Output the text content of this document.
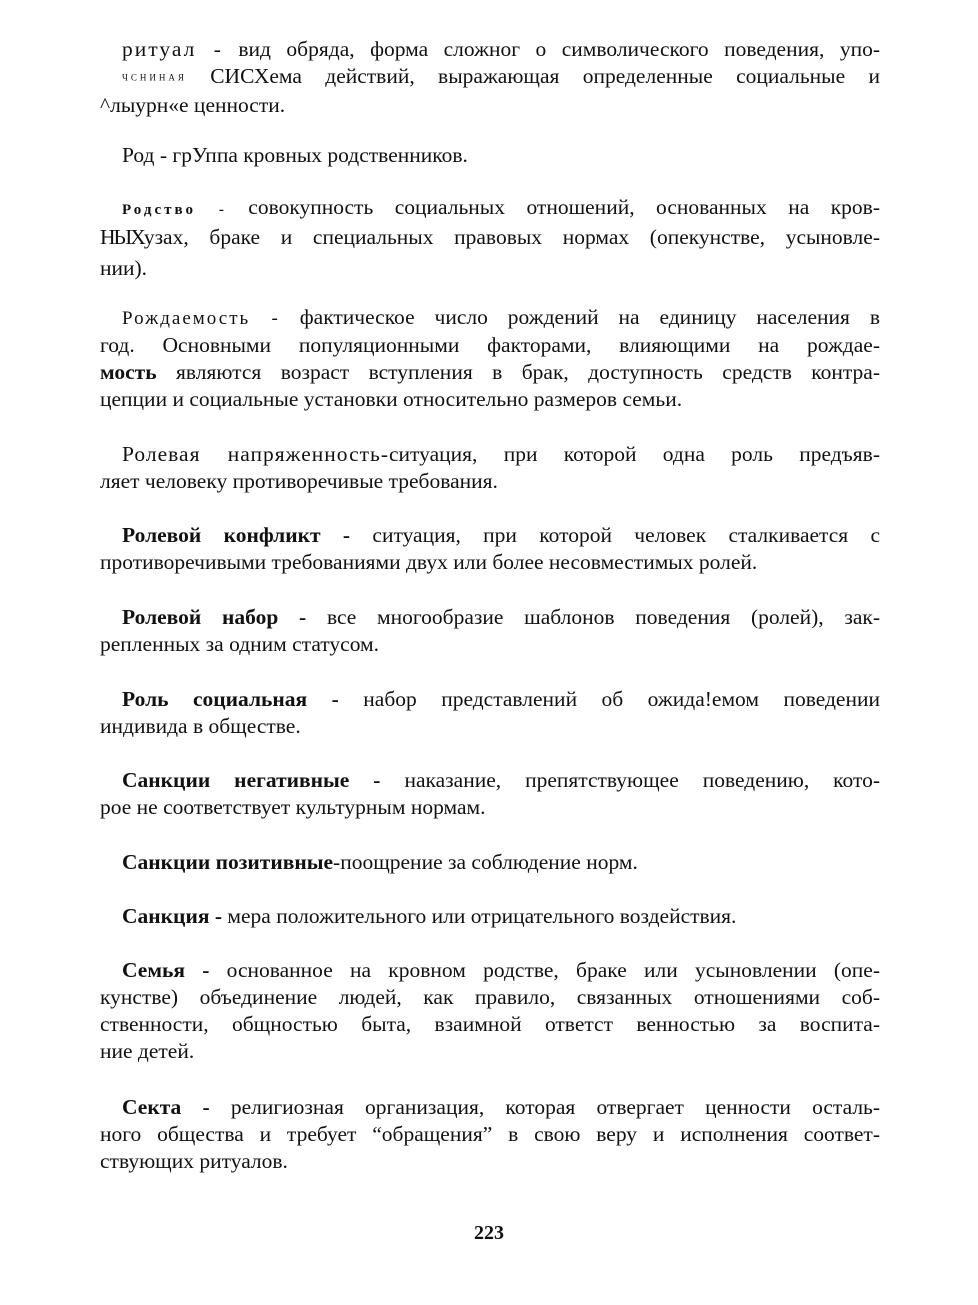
ритуал - вид обряда, форма сложног о символического поведения, упо-
ЧСНИНАЯ СИСХема действий, выражающая определенные социальные и
^лыурн«е ценности.
Род - грУппа кровных родственников.
Родство - совокупность социальных отношений, основанных на кров-
НЫХузах, браке и специальных правовых нормах (опекунстве, усыновле-
нии).
Рождаемость - фактическое число рождений на единицу населения в
год. Основными популяционными факторами, влияющими на рождае-
мость являются возраст вступления в брак, доступность средств контра-
цепции и социальные установки относительно размеров семьи.
Ролевая напряженность-ситуация, при которой одна роль предъяв-
ляет человеку противоречивые требования.
Ролевой конфликт - ситуация, при которой человек сталкивается с
противоречивыми требованиями двух или более несовместимых ролей.
Ролевой набор - все многообразие шаблонов поведения (ролей), зак-
репленных за одним статусом.
Роль социальная - набор представлений об ожида!емом поведении
индивида в обществе.
Санкции негативные - наказание, препятствующее поведению, кото-
рое не соответствует культурным нормам.
Санкции позитивные-поощрение за соблюдение норм.
Санкция - мера положительного или отрицательного воздействия.
Семья - основанное на кровном родстве, браке или усыновлении (опе-
кунстве) объединение людей, как правило, связанных отношениями соб-
ственности, общностью быта, взаимной ответст венностью за воспита-
ние детей.
Секта - религиозная организация, которая отвергает ценности осталь-
ного общества и требует “обращения” в свою веру и исполнения соответ-
ствующих ритуалов.
223
